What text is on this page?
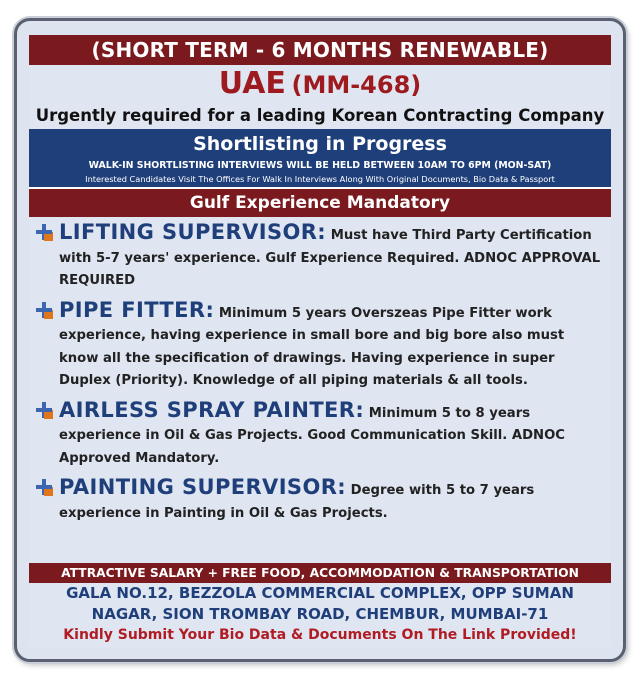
(SHORT TERM - 6 MONTHS RENEWABLE)
UAE (MM-468)
Urgently required for a leading Korean Contracting Company
Shortlisting in Progress
WALK-IN SHORTLISTING INTERVIEWS WILL BE HELD BETWEEN 10AM TO 6PM (MON-SAT)
Interested Candidates Visit The Offices For Walk In Interviews Along With Original Documents, Bio Data & Passport
Gulf Experience Mandatory
LIFTING SUPERVISOR: Must have Third Party Certification with 5-7 years' experience. Gulf Experience Required. ADNOC APPROVAL REQUIRED
PIPE FITTER: Minimum 5 years Overszeas Pipe Fitter work experience, having experience in small bore and big bore also must know all the specification of drawings. Having experience in super Duplex (Priority). Knowledge of all piping materials & all tools.
AIRLESS SPRAY PAINTER: Minimum 5 to 8 years experience in Oil & Gas Projects. Good Communication Skill. ADNOC Approved Mandatory.
PAINTING SUPERVISOR: Degree with 5 to 7 years experience in Painting in Oil & Gas Projects.
ATTRACTIVE SALARY + FREE FOOD, ACCOMMODATION & TRANSPORTATION
GALA NO.12, BEZZOLA COMMERCIAL COMPLEX, OPP SUMAN
NAGAR, SION TROMBAY ROAD, CHEMBUR, MUMBAI-71
Kindly Submit Your Bio Data & Documents On The Link Provided!
